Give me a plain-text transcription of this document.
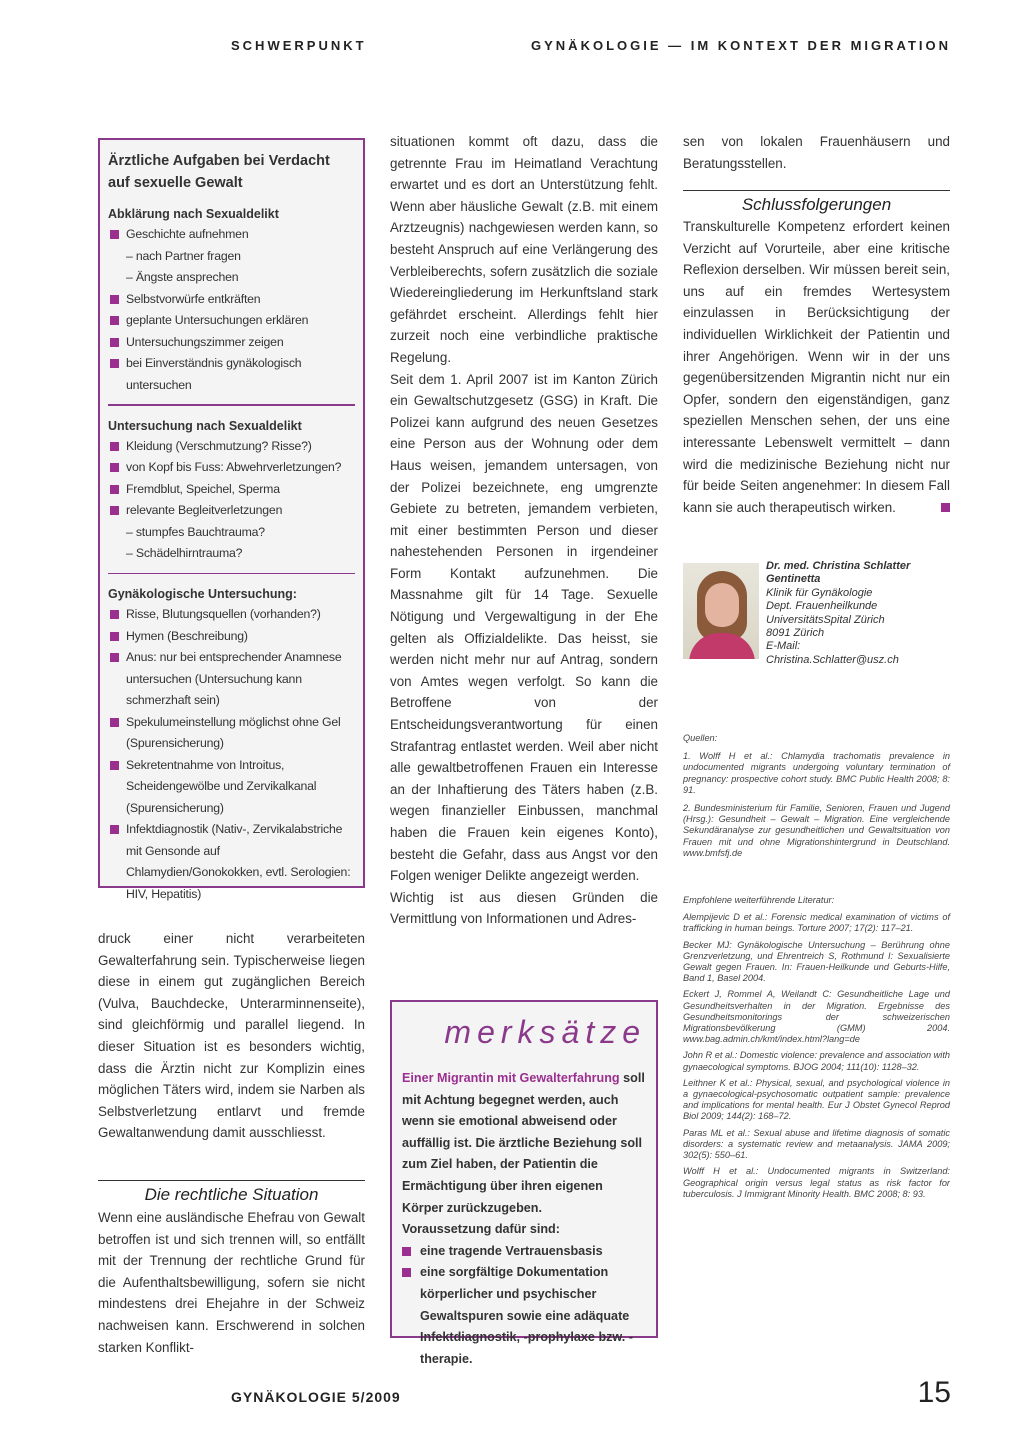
SCHWERPUNKT	GYNÄKOLOGIE — IM KONTEXT DER MIGRATION
Ärztliche Aufgaben bei Verdacht auf sexuelle Gewalt
Abklärung nach Sexualdelikt
Geschichte aufnehmen
– nach Partner fragen
– Ängste ansprechen
Selbstvorwürfe entkräften
geplante Untersuchungen erklären
Untersuchungszimmer zeigen
bei Einverständnis gynäkologisch untersuchen
Untersuchung nach Sexualdelikt
Kleidung (Verschmutzung? Risse?)
von Kopf bis Fuss: Abwehrverletzungen?
Fremdblut, Speichel, Sperma
relevante Begleitverletzungen
– stumpfes Bauchtrauma?
– Schädelhirntrauma?
Gynäkologische Untersuchung:
Risse, Blutungsquellen (vorhanden?)
Hymen (Beschreibung)
Anus: nur bei entsprechender Anamnese untersuchen (Untersuchung kann schmerzhaft sein)
Spekulumeinstellung möglichst ohne Gel (Spurensicherung)
Sekretentnahme von Introitus, Scheidengewölbe und Zervikalkanal (Spurensicherung)
Infektdiagnostik (Nativ-, Zervikalabstriche mit Gensonde auf Chlamydien/Gonokokken, evtl. Serologien: HIV, Hepatitis)

druck einer nicht verarbeiteten Gewalterfahrung sein. Typischerweise liegen diese in einem gut zugänglichen Bereich (Vulva, Bauchdecke, Unterarminnenseite), sind gleichförmig und parallel liegend. In dieser Situation ist es besonders wichtig, dass die Ärztin nicht zur Komplizin eines möglichen Täters wird, indem sie Narben als Selbstverletzung entlarvt und fremde Gewaltanwendung damit ausschliesst.

Die rechtliche Situation

Wenn eine ausländische Ehefrau von Gewalt betroffen ist und sich trennen will, so entfällt mit der Trennung der rechtliche Grund für die Aufenthaltsbewilligung, sofern sie nicht mindestens drei Ehejahre in der Schweiz nachweisen kann. Erschwerend in solchen starken Konflikt-

situationen kommt oft dazu, dass die getrennte Frau im Heimatland Verachtung erwartet und es dort an Unterstützung fehlt. Wenn aber häusliche Gewalt (z.B. mit einem Arztzeugnis) nachgewiesen werden kann, so besteht Anspruch auf eine Verlängerung des Verbleiberechts, sofern zusätzlich die soziale Wiedereingliederung im Herkunftsland stark gefährdet erscheint. Allerdings fehlt hier zurzeit noch eine verbindliche praktische Regelung.

Seit dem 1. April 2007 ist im Kanton Zürich ein Gewaltschutzgesetz (GSG) in Kraft. Die Polizei kann aufgrund des neuen Gesetzes eine Person aus der Wohnung oder dem Haus weisen, jemandem untersagen, von der Polizei bezeichnete, eng umgrenzte Gebiete zu betreten, jemandem verbieten, mit einer bestimmten Person und dieser nahestehenden Personen in irgendeiner Form Kontakt aufzunehmen. Die Massnahme gilt für 14 Tage. Sexuelle Nötigung und Vergewaltigung in der Ehe gelten als Offizialdelikte. Das heisst, sie werden nicht mehr nur auf Antrag, sondern von Amtes wegen verfolgt. So kann die Betroffene von der Entscheidungsverantwortung für einen Strafantrag entlastet werden. Weil aber nicht alle gewaltbetroffenen Frauen ein Interesse an der Inhaftierung des Täters haben (z.B. wegen finanzieller Einbussen, manchmal haben die Frauen kein eigenes Konto), besteht die Gefahr, dass aus Angst vor den Folgen weniger Delikte angezeigt werden.

Wichtig ist aus diesen Gründen die Vermittlung von Informationen und Adres-

merksätze

Einer Migrantin mit Gewalterfahrung soll mit Achtung begegnet werden, auch wenn sie emotional abweisend oder auffällig ist. Die ärztliche Beziehung soll zum Ziel haben, der Patientin die Ermächtigung über ihren eigenen Körper zurückzugeben.

Voraussetzung dafür sind:

eine tragende Vertrauensbasis
eine sorgfältige Dokumentation körperlicher und psychischer Gewaltspuren sowie eine adäquate Infektdiagnostik, -prophylaxe bzw. -therapie.

sen von lokalen Frauenhäusern und Beratungsstellen.

Schlussfolgerungen

Transkulturelle Kompetenz erfordert keinen Verzicht auf Vorurteile, aber eine kritische Reflexion derselben. Wir müssen bereit sein, uns auf ein fremdes Wertesystem einzulassen in Berücksichtigung der individuellen Wirklichkeit der Patientin und ihrer Angehörigen. Wenn wir in der uns gegenübersitzenden Migrantin nicht nur ein Opfer, sondern den eigenständigen, ganz speziellen Menschen sehen, der uns eine interessante Lebenswelt vermittelt – dann wird die medizinische Beziehung nicht nur für beide Seiten angenehmer: In diesem Fall kann sie auch therapeutisch wirken.

Dr. med. Christina Schlatter Gentinetta
Klinik für Gynäkologie
Dept. Frauenheilkunde
UniversitätsSpital Zürich
8091 Zürich
E-Mail:
Christina.Schlatter@usz.ch
Quellen:
1. Wolff H et al.: Chlamydia trachomatis prevalence in undocumented migrants undergoing voluntary termination of pregnancy: prospective cohort study. BMC Public Health 2008; 8: 91.
2. Bundesministerium für Familie, Senioren, Frauen und Jugend (Hrsg.): Gesundheit – Gewalt – Migration. Eine vergleichende Sekundäranalyse zur gesundheitlichen und Gewaltsituation von Frauen mit und ohne Migrationshintergrund in Deutschland. www.bmfsfj.de
Empfohlene weiterführende Literatur:
Alempijevic D et al.: Forensic medical examination of victims of trafficking in human beings. Torture 2007; 17(2): 117–21.
Becker MJ: Gynäkologische Untersuchung – Berührung ohne Grenzverletzung, und Ehrentreich S, Rothmund I: Sexualisierte Gewalt gegen Frauen. In: Frauen-Heilkunde und Geburts-Hilfe, Band 1, Basel 2004.
Eckert J, Rommel A, Weilandt C: Gesundheitliche Lage und Gesundheitsverhalten in der Migration. Ergebnisse des Gesundheitsmonitorings der schweizerischen Migrationsbevölkerung (GMM) 2004. www.bag.admin.ch/kmt/index.html?lang=de
John R et al.: Domestic violence: prevalence and association with gynaecological symptoms. BJOG 2004; 111(10): 1128–32.
Leithner K et al.: Physical, sexual, and psychological violence in a gynaecological-psychosomatic outpatient sample: prevalence and implications for mental health. Eur J Obstet Gynecol Reprod Biol 2009; 144(2): 168–72.
Paras ML et al.: Sexual abuse and lifetime diagnosis of somatic disorders: a systematic review and metaanalysis. JAMA 2009; 302(5): 550–61.
Wolff H et al.: Undocumented migrants in Switzerland: Geographical origin versus legal status as risk factor for tuberculosis. J Immigrant Minority Health. BMC 2008; 8: 93.
GYNÄKOLOGIE 5/2009	15
